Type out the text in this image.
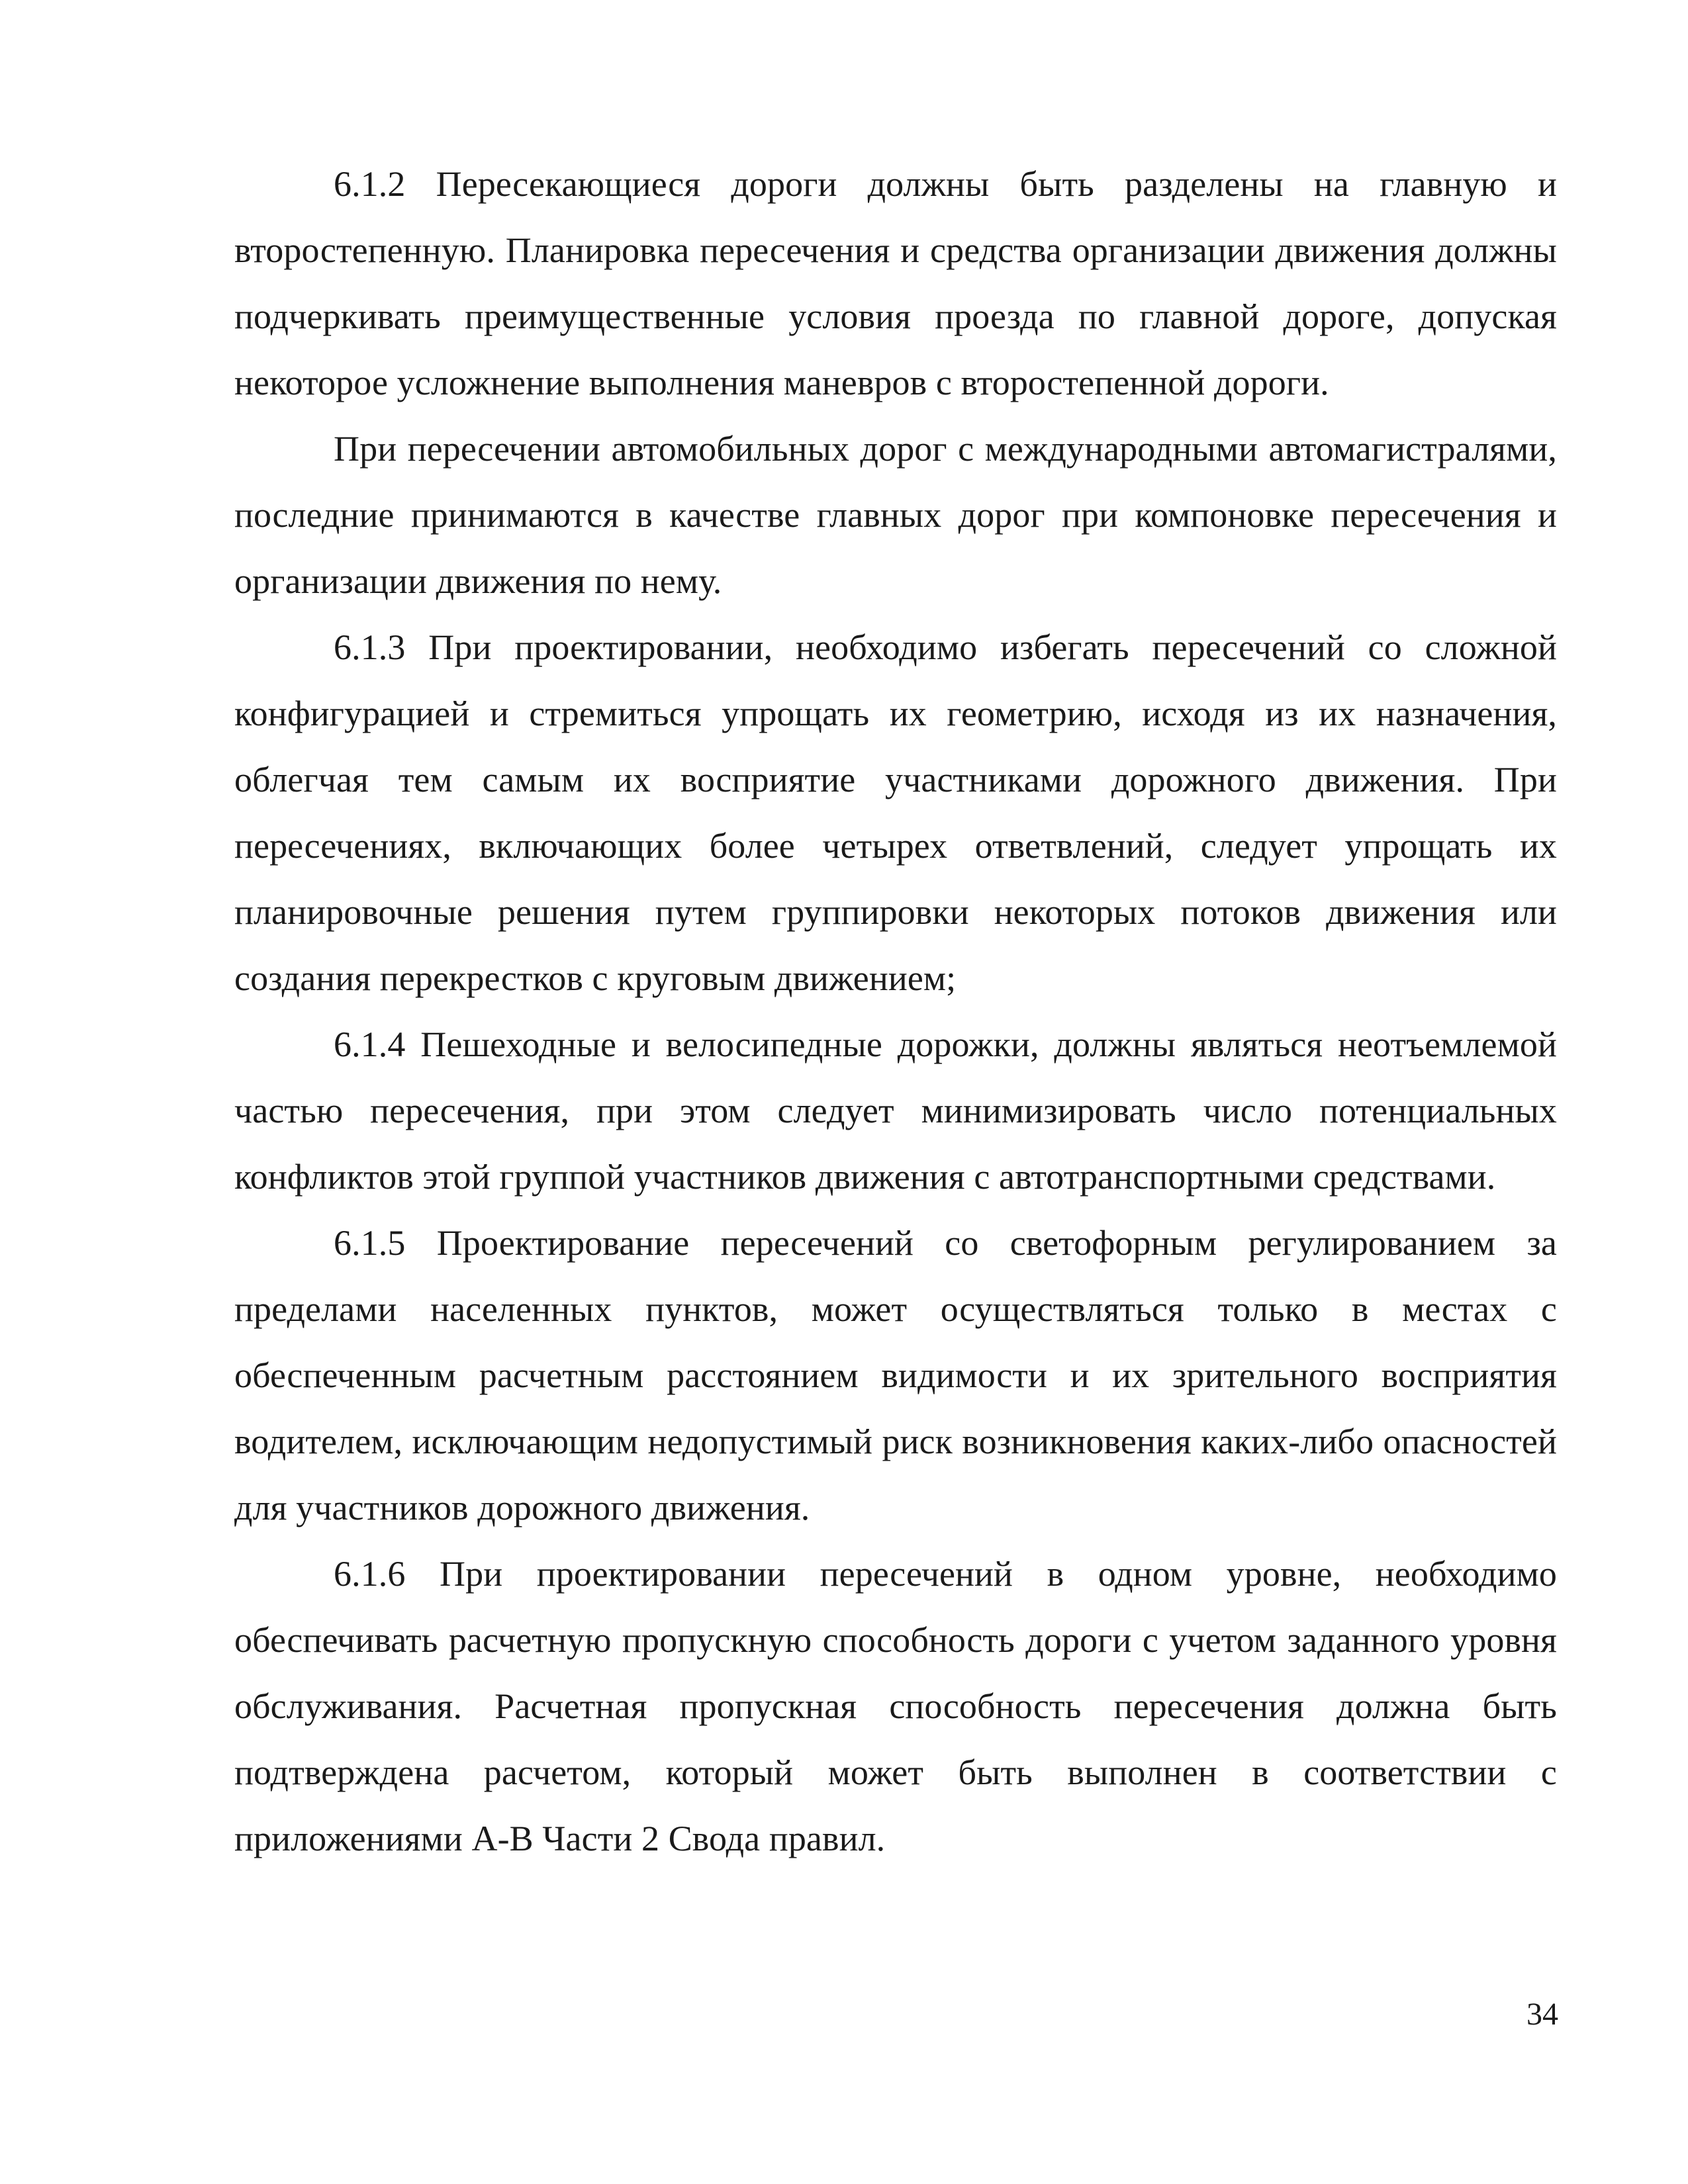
6.1.2 Пересекающиеся дороги должны быть разделены на главную и второстепенную. Планировка пересечения и средства организации движения должны подчеркивать преимущественные условия проезда по главной дороге, допуская некоторое усложнение выполнения маневров с второстепенной дороги.

При пересечении автомобильных дорог с международными автомагистралями, последние принимаются в качестве главных дорог при компоновке пересечения и организации движения по нему.

6.1.3 При проектировании, необходимо избегать пересечений со сложной конфигурацией и стремиться упрощать их геометрию, исходя из их назначения, облегчая тем самым их восприятие участниками дорожного движения. При пересечениях, включающих более четырех ответвлений, следует упрощать их планировочные решения путем группировки некоторых потоков движения или создания перекрестков с круговым движением;

6.1.4 Пешеходные и велосипедные дорожки, должны являться неотъемлемой частью пересечения, при этом следует минимизировать число потенциальных конфликтов этой группой участников движения с автотранспортными средствами.

6.1.5 Проектирование пересечений со светофорным регулированием за пределами населенных пунктов, может осуществляться только в местах с обеспеченным расчетным расстоянием видимости и их зрительного восприятия водителем, исключающим недопустимый риск возникновения каких-либо опасностей для участников дорожного движения.

6.1.6 При проектировании пересечений в одном уровне, необходимо обеспечивать расчетную пропускную способность дороги с учетом заданного уровня обслуживания. Расчетная пропускная способность пересечения должна быть подтверждена расчетом, который может быть выполнен в соответствии с приложениями А-В Части 2 Свода правил.

34
